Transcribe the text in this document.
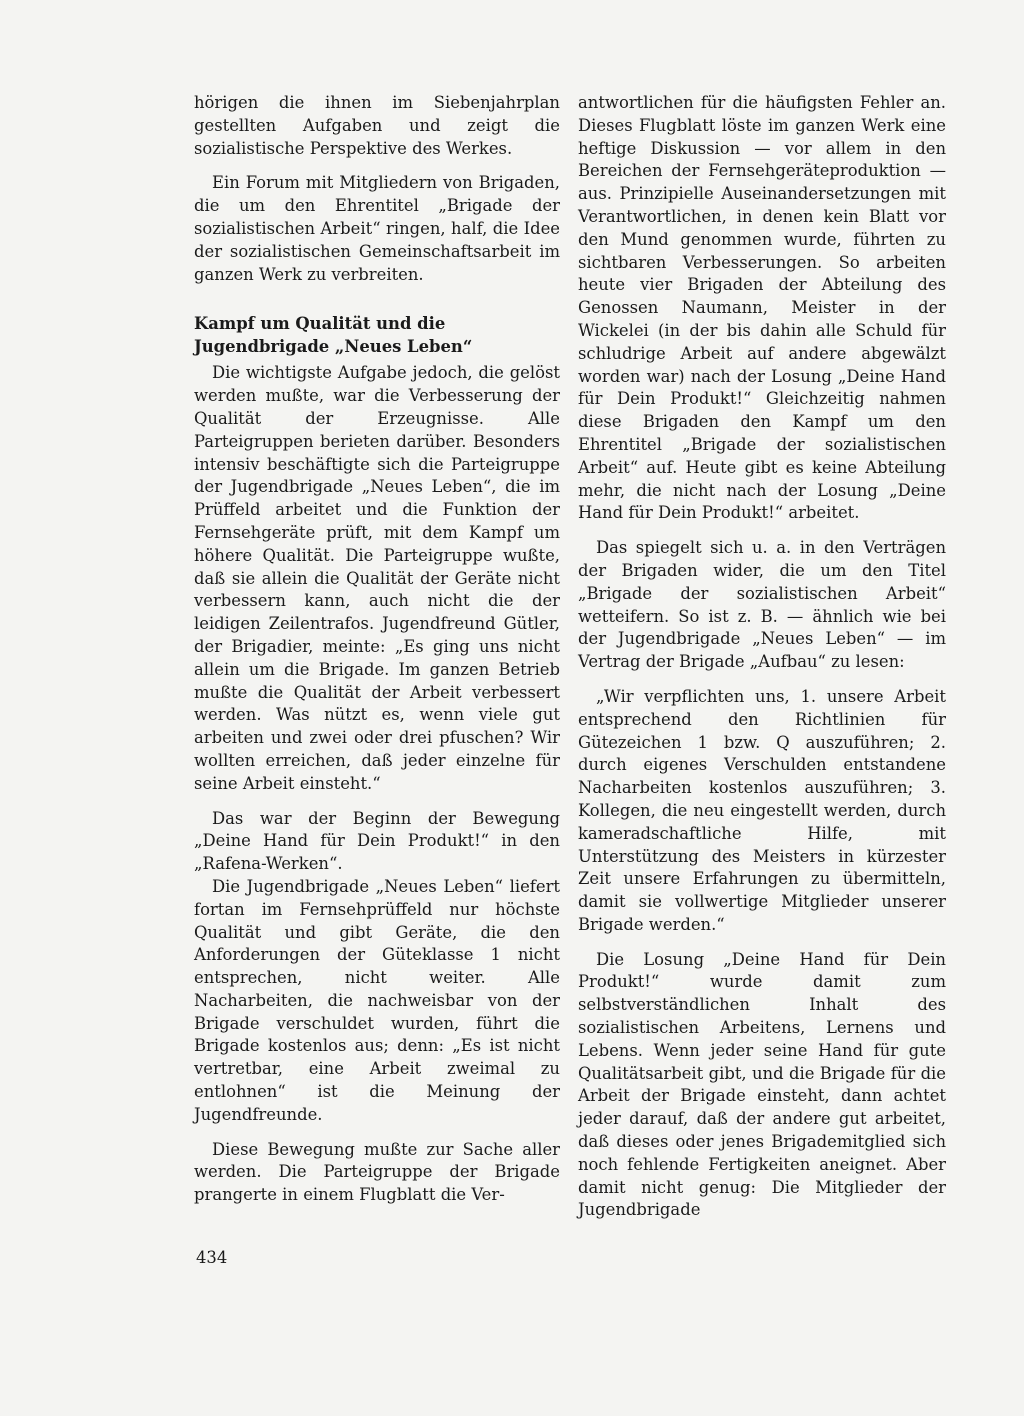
hörigen die ihnen im Siebenjahrplan gestellten Aufgaben und zeigt die sozialistische Perspektive des Werkes.

Ein Forum mit Mitgliedern von Brigaden, die um den Ehrentitel „Brigade der sozialistischen Arbeit“ ringen, half, die Idee der sozialistischen Gemeinschaftsarbeit im ganzen Werk zu verbreiten.

Kampf um Qualität und die
Jugendbrigade „Neues Leben“

Die wichtigste Aufgabe jedoch, die gelöst werden mußte, war die Verbesserung der Qualität der Erzeugnisse. Alle Parteigruppen berieten darüber. Besonders intensiv beschäftigte sich die Parteigruppe der Jugendbrigade „Neues Leben“, die im Prüffeld arbeitet und die Funktion der Fernsehgeräte prüft, mit dem Kampf um höhere Qualität. Die Parteigruppe wußte, daß sie allein die Qualität der Geräte nicht verbessern kann, auch nicht die der leidigen Zeilentrafos. Jugendfreund Gütler, der Brigadier, meinte: „Es ging uns nicht allein um die Brigade. Im ganzen Betrieb mußte die Qualität der Arbeit verbessert werden. Was nützt es, wenn viele gut arbeiten und zwei oder drei pfuschen? Wir wollten erreichen, daß jeder einzelne für seine Arbeit einsteht.“

Das war der Beginn der Bewegung „Deine Hand für Dein Produkt!“ in den „Rafena-Werken“.

Die Jugendbrigade „Neues Leben“ liefert fortan im Fernsehprüffeld nur höchste Qualität und gibt Geräte, die den Anforderungen der Güteklasse 1 nicht entsprechen, nicht weiter. Alle Nacharbeiten, die nachweisbar von der Brigade verschuldet wurden, führt die Brigade kostenlos aus; denn: „Es ist nicht vertretbar, eine Arbeit zweimal zu entlohnen“ ist die Meinung der Jugendfreunde.

Diese Bewegung mußte zur Sache aller werden. Die Parteigruppe der Brigade prangerte in einem Flugblatt die Ver-

antwortlichen für die häufigsten Fehler an. Dieses Flugblatt löste im ganzen Werk eine heftige Diskussion — vor allem in den Bereichen der Fernsehgeräteproduktion — aus. Prinzipielle Auseinandersetzungen mit Verantwortlichen, in denen kein Blatt vor den Mund genommen wurde, führten zu sichtbaren Verbesserungen. So arbeiten heute vier Brigaden der Abteilung des Genossen Naumann, Meister in der Wickelei (in der bis dahin alle Schuld für schludrige Arbeit auf andere abgewälzt worden war) nach der Losung „Deine Hand für Dein Produkt!“ Gleichzeitig nahmen diese Brigaden den Kampf um den Ehrentitel „Brigade der sozialistischen Arbeit“ auf. Heute gibt es keine Abteilung mehr, die nicht nach der Losung „Deine Hand für Dein Produkt!“ arbeitet.

Das spiegelt sich u. a. in den Verträgen der Brigaden wider, die um den Titel „Brigade der sozialistischen Arbeit“ wetteifern. So ist z. B. — ähnlich wie bei der Jugendbrigade „Neues Leben“ — im Vertrag der Brigade „Aufbau“ zu lesen:

„Wir verpflichten uns, 1. unsere Arbeit entsprechend den Richtlinien für Gütezeichen 1 bzw. Q auszuführen; 2. durch eigenes Verschulden entstandene Nacharbeiten kostenlos auszuführen; 3. Kollegen, die neu eingestellt werden, durch kameradschaftliche Hilfe, mit Unterstützung des Meisters in kürzester Zeit unsere Erfahrungen zu übermitteln, damit sie vollwertige Mitglieder unserer Brigade werden.“

Die Losung „Deine Hand für Dein Produkt!“ wurde damit zum selbstverständlichen Inhalt des sozialistischen Arbeitens, Lernens und Lebens. Wenn jeder seine Hand für gute Qualitätsarbeit gibt, und die Brigade für die Arbeit der Brigade einsteht, dann achtet jeder darauf, daß der andere gut arbeitet, daß dieses oder jenes Brigademitglied sich noch fehlende Fertigkeiten aneignet. Aber damit nicht genug: Die Mitglieder der Jugendbrigade

434
